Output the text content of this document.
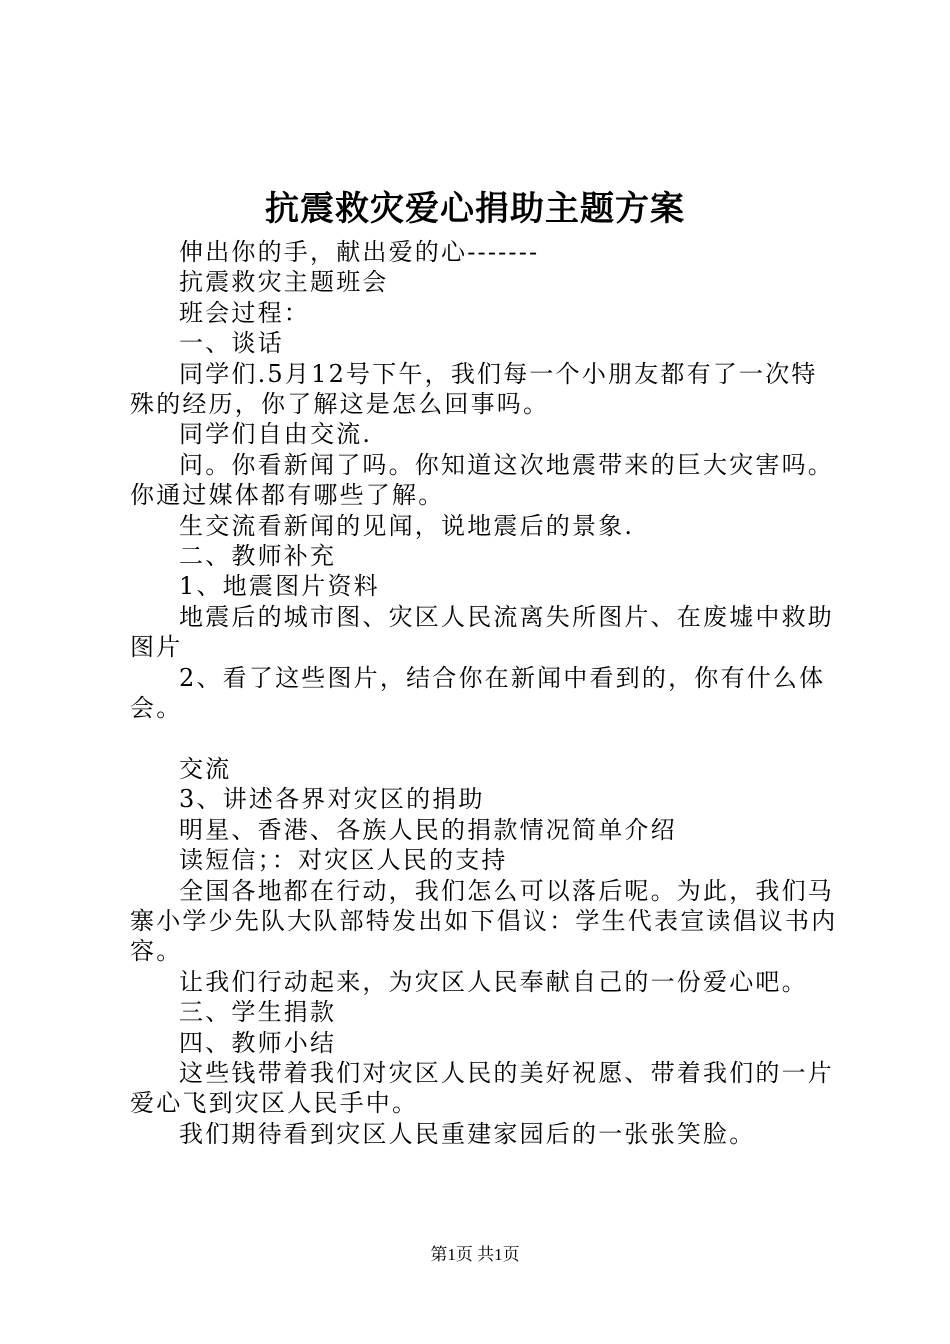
抗震救灾爱心捐助主题方案

伸出你的手，献出爱的心-------

抗震救灾主题班会

班会过程：

一、谈话

同学们.5月12号下午，我们每一个小朋友都有了一次特殊的经历，你了解这是怎么回事吗。

同学们自由交流.

问。你看新闻了吗。你知道这次地震带来的巨大灾害吗。你通过媒体都有哪些了解。

生交流看新闻的见闻，说地震后的景象.

二、教师补充

1、地震图片资料

地震后的城市图、灾区人民流离失所图片、在废墟中救助图片

2、看了这些图片，结合你在新闻中看到的，你有什么体会。

交流

3、讲述各界对灾区的捐助

明星、香港、各族人民的捐款情况简单介绍

读短信；：对灾区人民的支持

全国各地都在行动，我们怎么可以落后呢。为此，我们马寨小学少先队大队部特发出如下倡议：学生代表宣读倡议书内容。

让我们行动起来，为灾区人民奉献自己的一份爱心吧。

三、学生捐款

四、教师小结

这些钱带着我们对灾区人民的美好祝愿、带着我们的一片爱心飞到灾区人民手中。

我们期待看到灾区人民重建家园后的一张张笑脸。

第1页 共1页
